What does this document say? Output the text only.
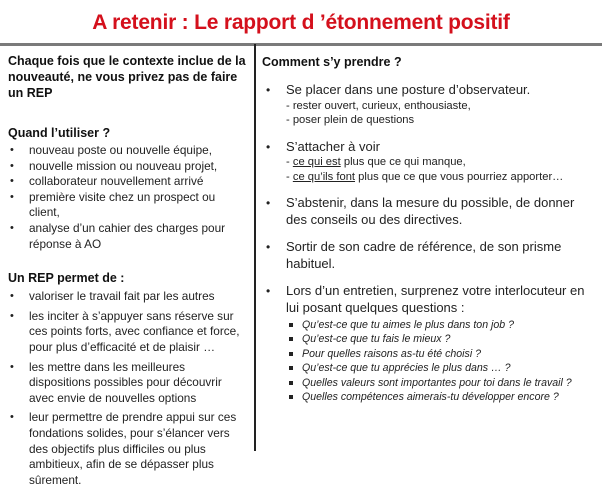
A retenir : Le rapport d ’étonnement positif
Chaque fois que le contexte inclue de la nouveauté, ne vous privez pas de faire un REP
Quand l’utiliser ?
• nouveau poste ou nouvelle équipe,
• nouvelle mission ou nouveau projet,
• collaborateur nouvellement arrivé
• première visite chez un prospect ou client,
• analyse d’un cahier des charges pour réponse à AO
Un REP permet de :
• valoriser le travail fait par les autres
• les inciter à s’appuyer sans réserve sur ces points forts, avec confiance et force, pour plus d’efficacité et de plaisir …
• les mettre dans les meilleures dispositions possibles pour découvrir avec envie de nouvelles options
• leur permettre de prendre appui sur ces fondations solides, pour s’élancer vers des objectifs plus difficiles ou plus ambitieux, afin de se dépasser plus sûrement.
Comment s’y prendre ?
• Se placer dans une posture d’observateur.
- rester ouvert, curieux, enthousiaste,
- poser plein de questions
• S’attacher à voir
- ce qui est plus que ce qui manque,
- ce qu’ils font plus que ce que vous pourriez apporter…
• S’abstenir, dans la mesure du possible, de donner des conseils ou des directives.
• Sortir de son cadre de référence, de son prisme habituel.
• Lors d’un entretien, surprenez votre interlocuteur en lui posant quelques questions :
Qu’est-ce que tu aimes le plus dans ton job ?
Qu’est-ce que tu fais le mieux ?
Pour quelles raisons as-tu été choisi ?
Qu’est-ce que tu apprécies le plus dans … ?
Quelles valeurs sont importantes pour toi dans le travail ?
Quelles compétences aimerais-tu développer encore ?
